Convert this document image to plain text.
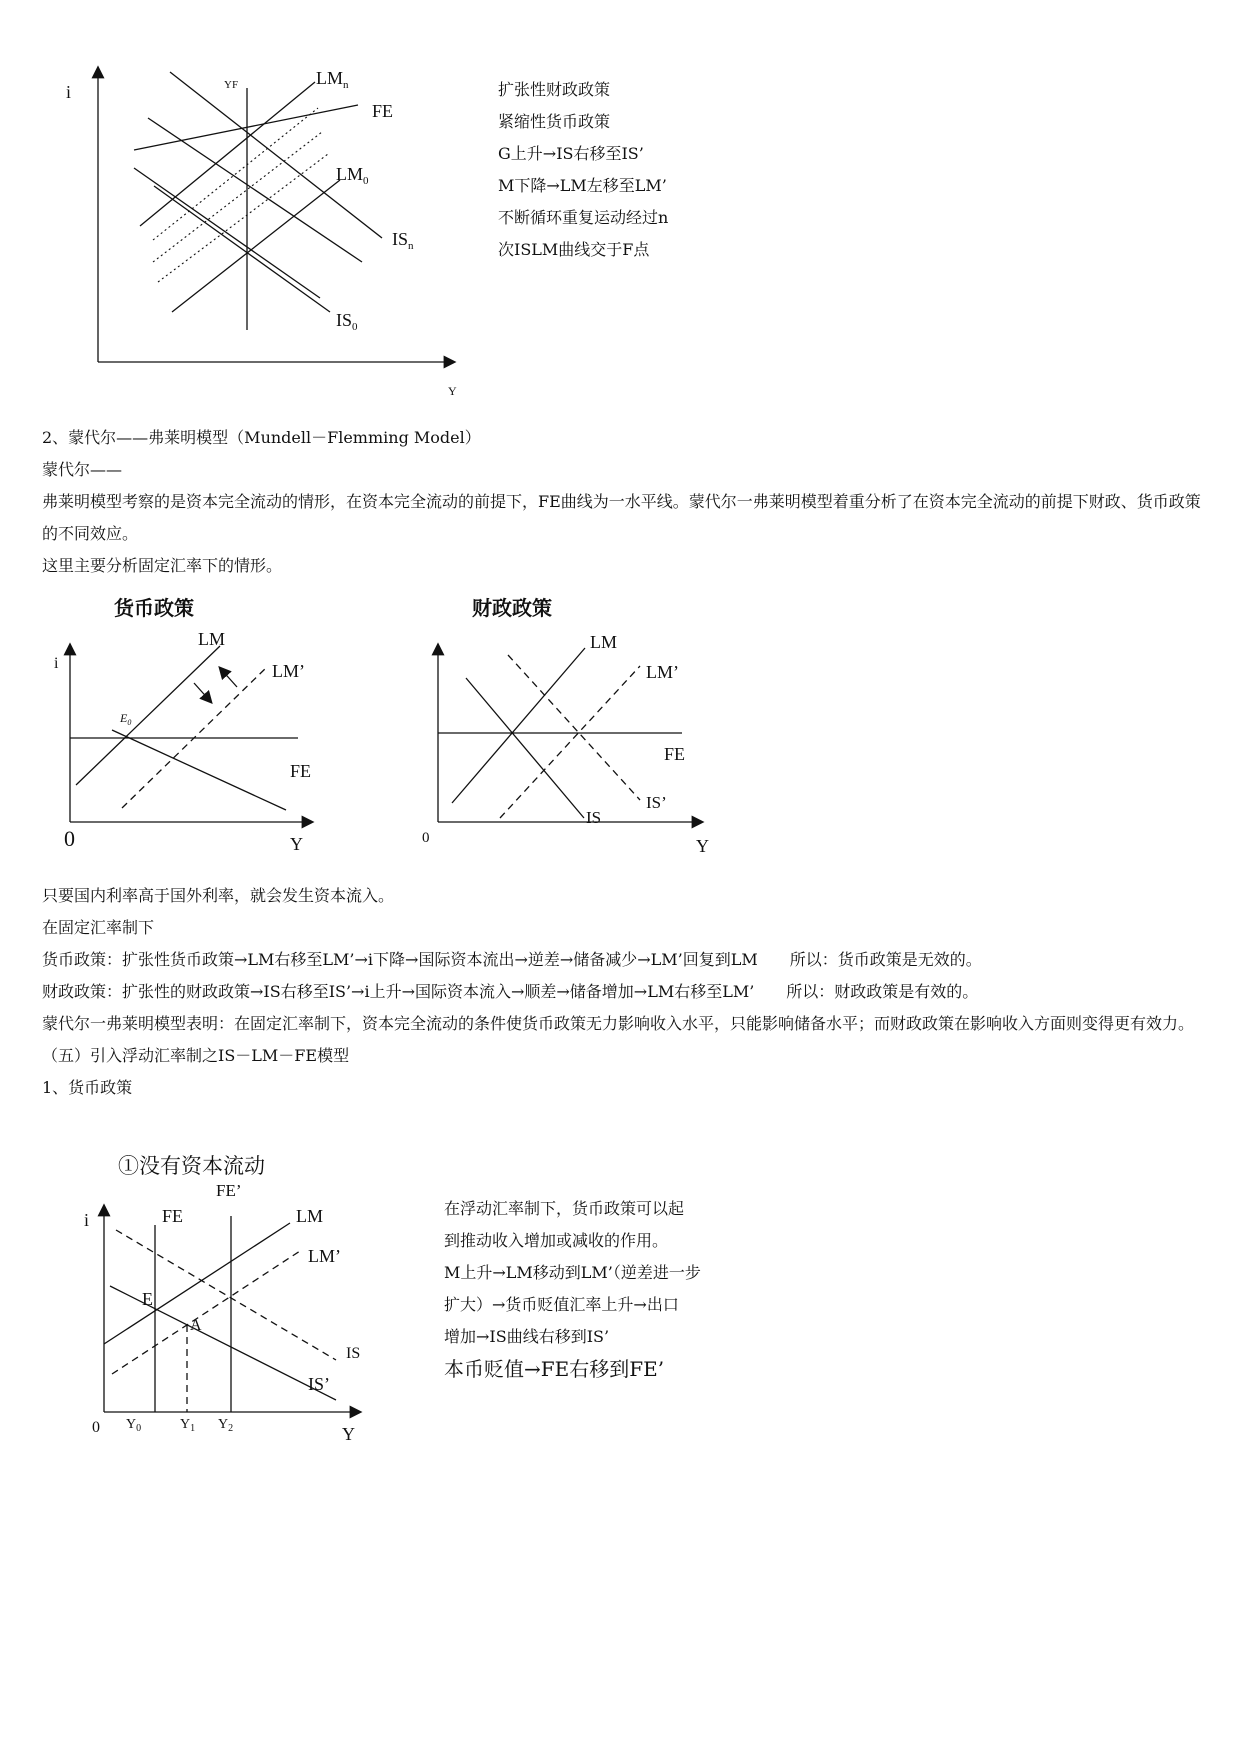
i
Y
YF	$LM_n$
FE
$LM_0$
$IS_n$
$IS_0$
扩张性财政政策
紧缩性货币政策
G上升→IS右移至IS’
M下降→LM左移至LM’
不断循环重复运动经过n
次ISLM曲线交于F点

2、蒙代尔——弗莱明模型（Mundell－Flemming Model）

蒙代尔——

弗莱明模型考察的是资本完全流动的情形，在资本完全流动的前提下，FE曲线为一水平线。蒙代尔一弗莱明模型着重分析了在资本完全流动的前提下财政、货币政策的不同效应。

这里主要分析固定汇率下的情形。

货币政策	财政政策
i
Y
0
LM
LM’
FE
$E_0$
Y
0
LM
LM’
FE
IS
IS’

只要国内利率高于国外利率，就会发生资本流入。

在固定汇率制下

货币政策：扩张性货币政策→LM右移至LM’→i下降→国际资本流出→逆差→储备减少→LM’回复到LM　　所以：货币政策是无效的。

财政政策：扩张性的财政政策→IS右移至IS’→i上升→国际资本流入→顺差→储备增加→LM右移至LM’　　所以：财政政策是有效的。

蒙代尔一弗莱明模型表明：在固定汇率制下，资本完全流动的条件使货币政策无力影响收入水平，只能影响储备水平；而财政政策在影响收入方面则变得更有效力。

（五）引入浮动汇率制之IS－LM－FE模型

1、货币政策

①没有资本流动
i
Y
0
FE
FE’
LM
LM’
IS
IS’
E
A
$Y_0$	$Y_1$ $Y_2$
在浮动汇率制下，货币政策可以起
到推动收入增加或减收的作用。
M上升→LM移动到LM’（逆差进一步
扩大）→货币贬值汇率上升→出口
增加→IS曲线右移到IS’
本币贬值→FE右移到FE’
